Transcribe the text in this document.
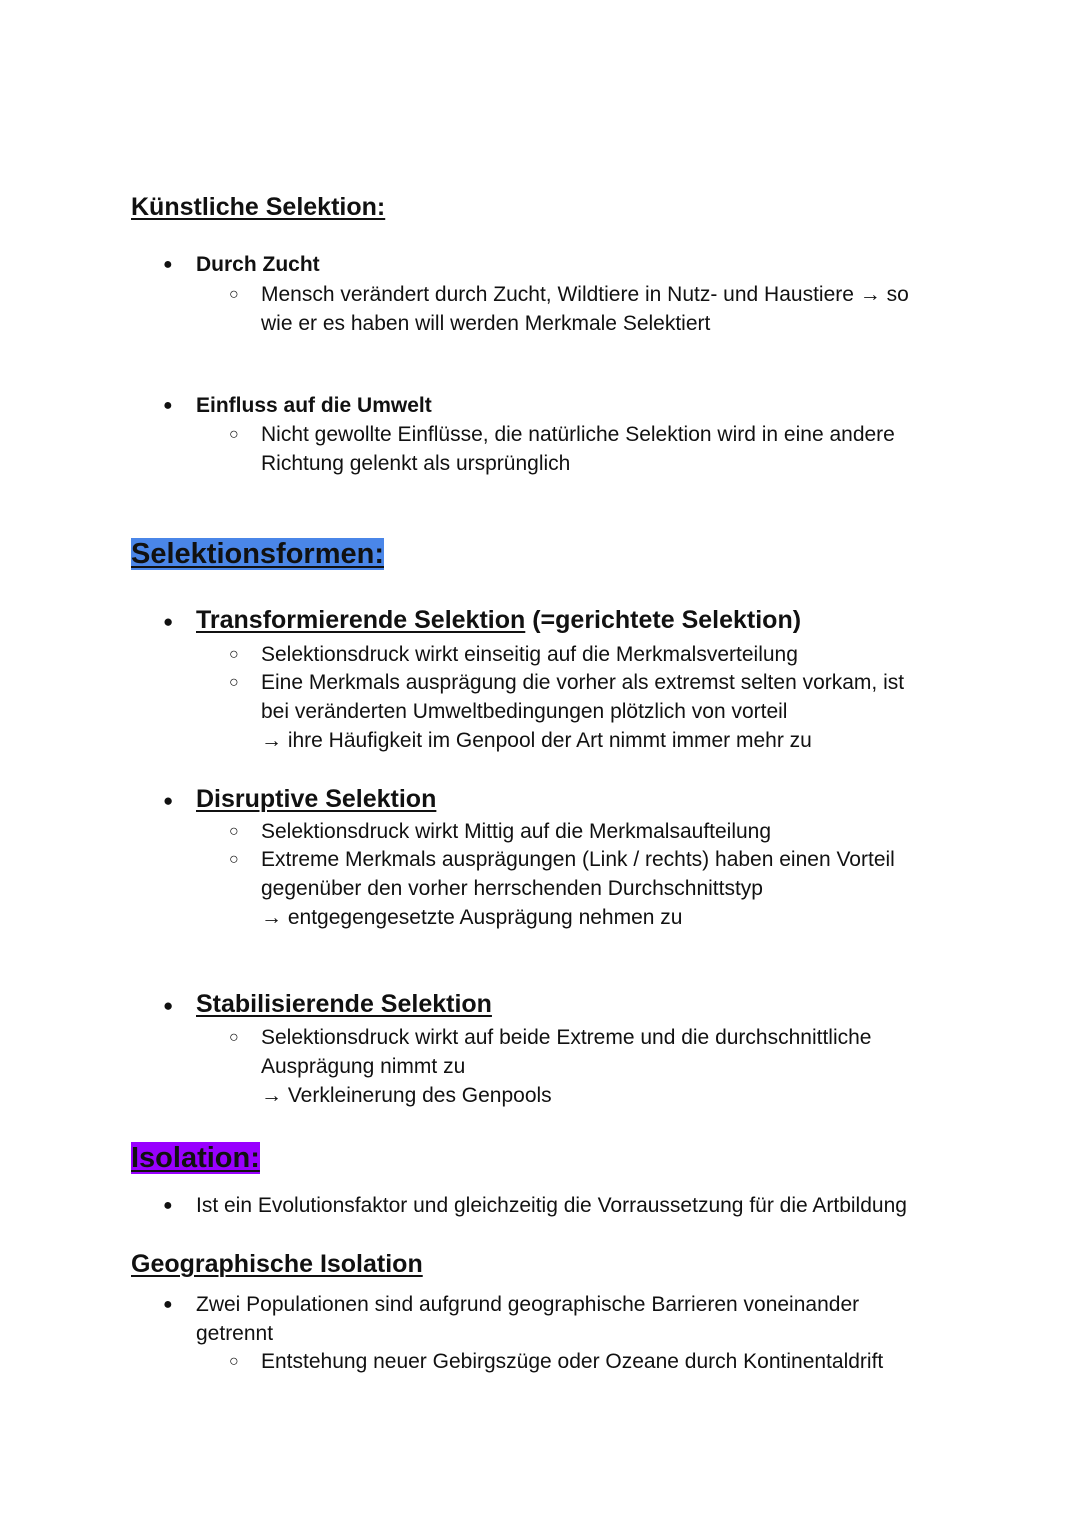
Künstliche Selektion:
● Durch Zucht
○ Mensch verändert durch Zucht, Wildtiere in Nutz- und Haustiere → so
wie er es haben will werden Merkmale Selektiert
● Einfluss auf die Umwelt
○ Nicht gewollte Einflüsse, die natürliche Selektion wird in eine andere
Richtung gelenkt als ursprünglich
Selektionsformen:
● Transformierende Selektion (=gerichtete Selektion)
○ Selektionsdruck wirkt einseitig auf die Merkmalsverteilung
○ Eine Merkmals ausprägung die vorher als extremst selten vorkam, ist
bei veränderten Umweltbedingungen plötzlich von vorteil
→ ihre Häufigkeit im Genpool der Art nimmt immer mehr zu
● Disruptive Selektion
○ Selektionsdruck wirkt Mittig auf die Merkmalsaufteilung
○ Extreme Merkmals ausprägungen (Link / rechts) haben einen Vorteil
gegenüber den vorher herrschenden Durchschnittstyp
→ entgegengesetzte Ausprägung nehmen zu
● Stabilisierende Selektion
○ Selektionsdruck wirkt auf beide Extreme und die durchschnittliche
Ausprägung nimmt zu
→ Verkleinerung des Genpools
Isolation:
● Ist ein Evolutionsfaktor und gleichzeitig die Vorraussetzung für die Artbildung
Geographische Isolation
● Zwei Populationen sind aufgrund geographische Barrieren voneinander
getrennt
○ Entstehung neuer Gebirgszüge oder Ozeane durch Kontinentaldrift
